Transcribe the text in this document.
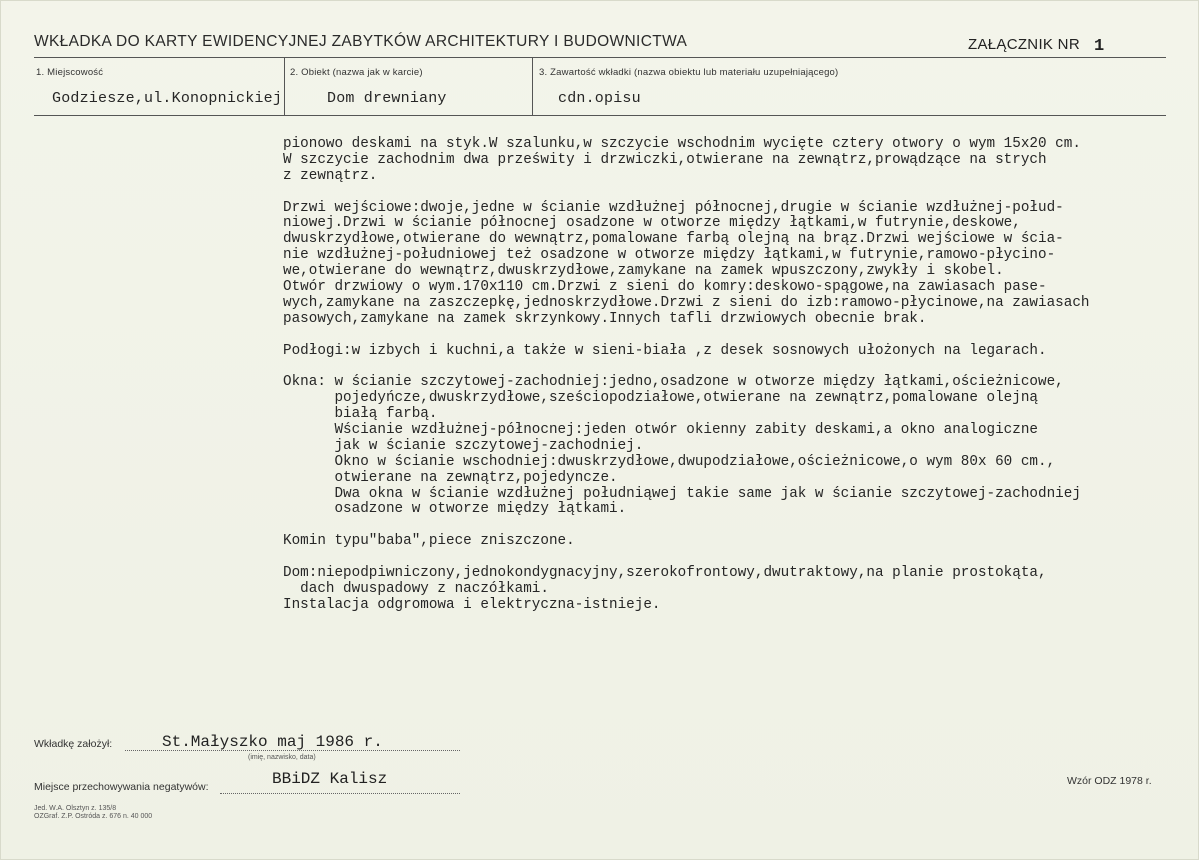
WKŁADKA DO KARTY EWIDENCYJNEJ ZABYTKÓW ARCHITEKTURY I BUDOWNICTWA	ZAŁĄCZNIK NR 1
1. Miejscowość	2. Obiekt (nazwa jak w karcie)	3. Zawartość wkładki (nazwa obiektu lub materiału uzupełniającego)
Godziesze,ul.Konopnickiej	Dom drewniany	cdn.opisu
pionowo deskami na styk.W szalunku,w szczycie wschodnim wycięte cztery otwory o wym 15x20 cm.
W szczycie zachodnim dwa prześwity i drzwiczki,otwierane na zewnątrz,prowądzące na strych
z zewnątrz.
Drzwi wejściowe:dwoje,jedne w ścianie wzdłużnej północnej,drugie w ścianie wzdłużnej-połud-
niowej.Drzwi w ścianie północnej osadzone w otworze między łątkami,w futrynie,deskowe,
dwuskrzydłowe,otwierane do wewnątrz,pomalowane farbą olejną na brąz.Drzwi wejściowe w ścia-
nie wzdłużnej-południowej też osadzone w otworze między łątkami,w futrynie,ramowo-płycino-
we,otwierane do wewnątrz,dwuskrzydłowe,zamykane na zamek wpuszczony,zwykły i skobel.
Otwór drzwiowy o wym.170x110 cm.Drzwi z sieni do komry:deskowo-spągowe,na zawiasach pase-
wych,zamykane na zaszczepkę,jednoskrzydłowe.Drzwi z sieni do izb:ramowo-płycinowe,na zawiasach
pasowych,zamykane na zamek skrzynkowy.Innych tafli drzwiowych obecnie brak.
Podłogi:w izbych i kuchni,a także w sieni-biała ,z desek sosnowych ułożonych na legarach.
Okna: w ścianie szczytowej-zachodniej:jedno,osadzone w otworze między łątkami,ościeżnicowe,
pojedyńcze,dwuskrzydłowe,sześciopodziałowe,otwierane na zewnątrz,pomalowane olejną
białą farbą.
Wścianie wzdłużnej-północnej:jeden otwór okienny zabity deskami,a okno analogiczne
jak w ścianie szczytowej-zachodniej.
Okno w ścianie wschodniej:dwuskrzydłowe,dwupodziałowe,ościeżnicowe,o wym 80x 60 cm.,
otwierane na zewnątrz,pojedyncze.
Dwa okna w ścianie wzdłużnej południąwej takie same jak w ścianie szczytowej-zachodniej
osadzone w otworze między łątkami.
Komin typu"baba",piece zniszczone.
Dom:niepodpiwniczony,jednokondygnacyjny,szerokofrontowy,dwutraktowy,na planie prostokąta,
dach dwuspadowy z naczółkami.
Instalacja odgromowa i elektryczna-istnieje.
Wkładkę założył:	St.Małyszko maj 1986 r.
(imię, nazwisko, data)
Miejsce przechowywania negatywów:	BBiDZ Kalisz	Wzór ODZ 1978 r.
Jed. W.A. Olsztyn z. 135/8
OZGraf. Z.P. Ostróda z. 676 n. 40 000
